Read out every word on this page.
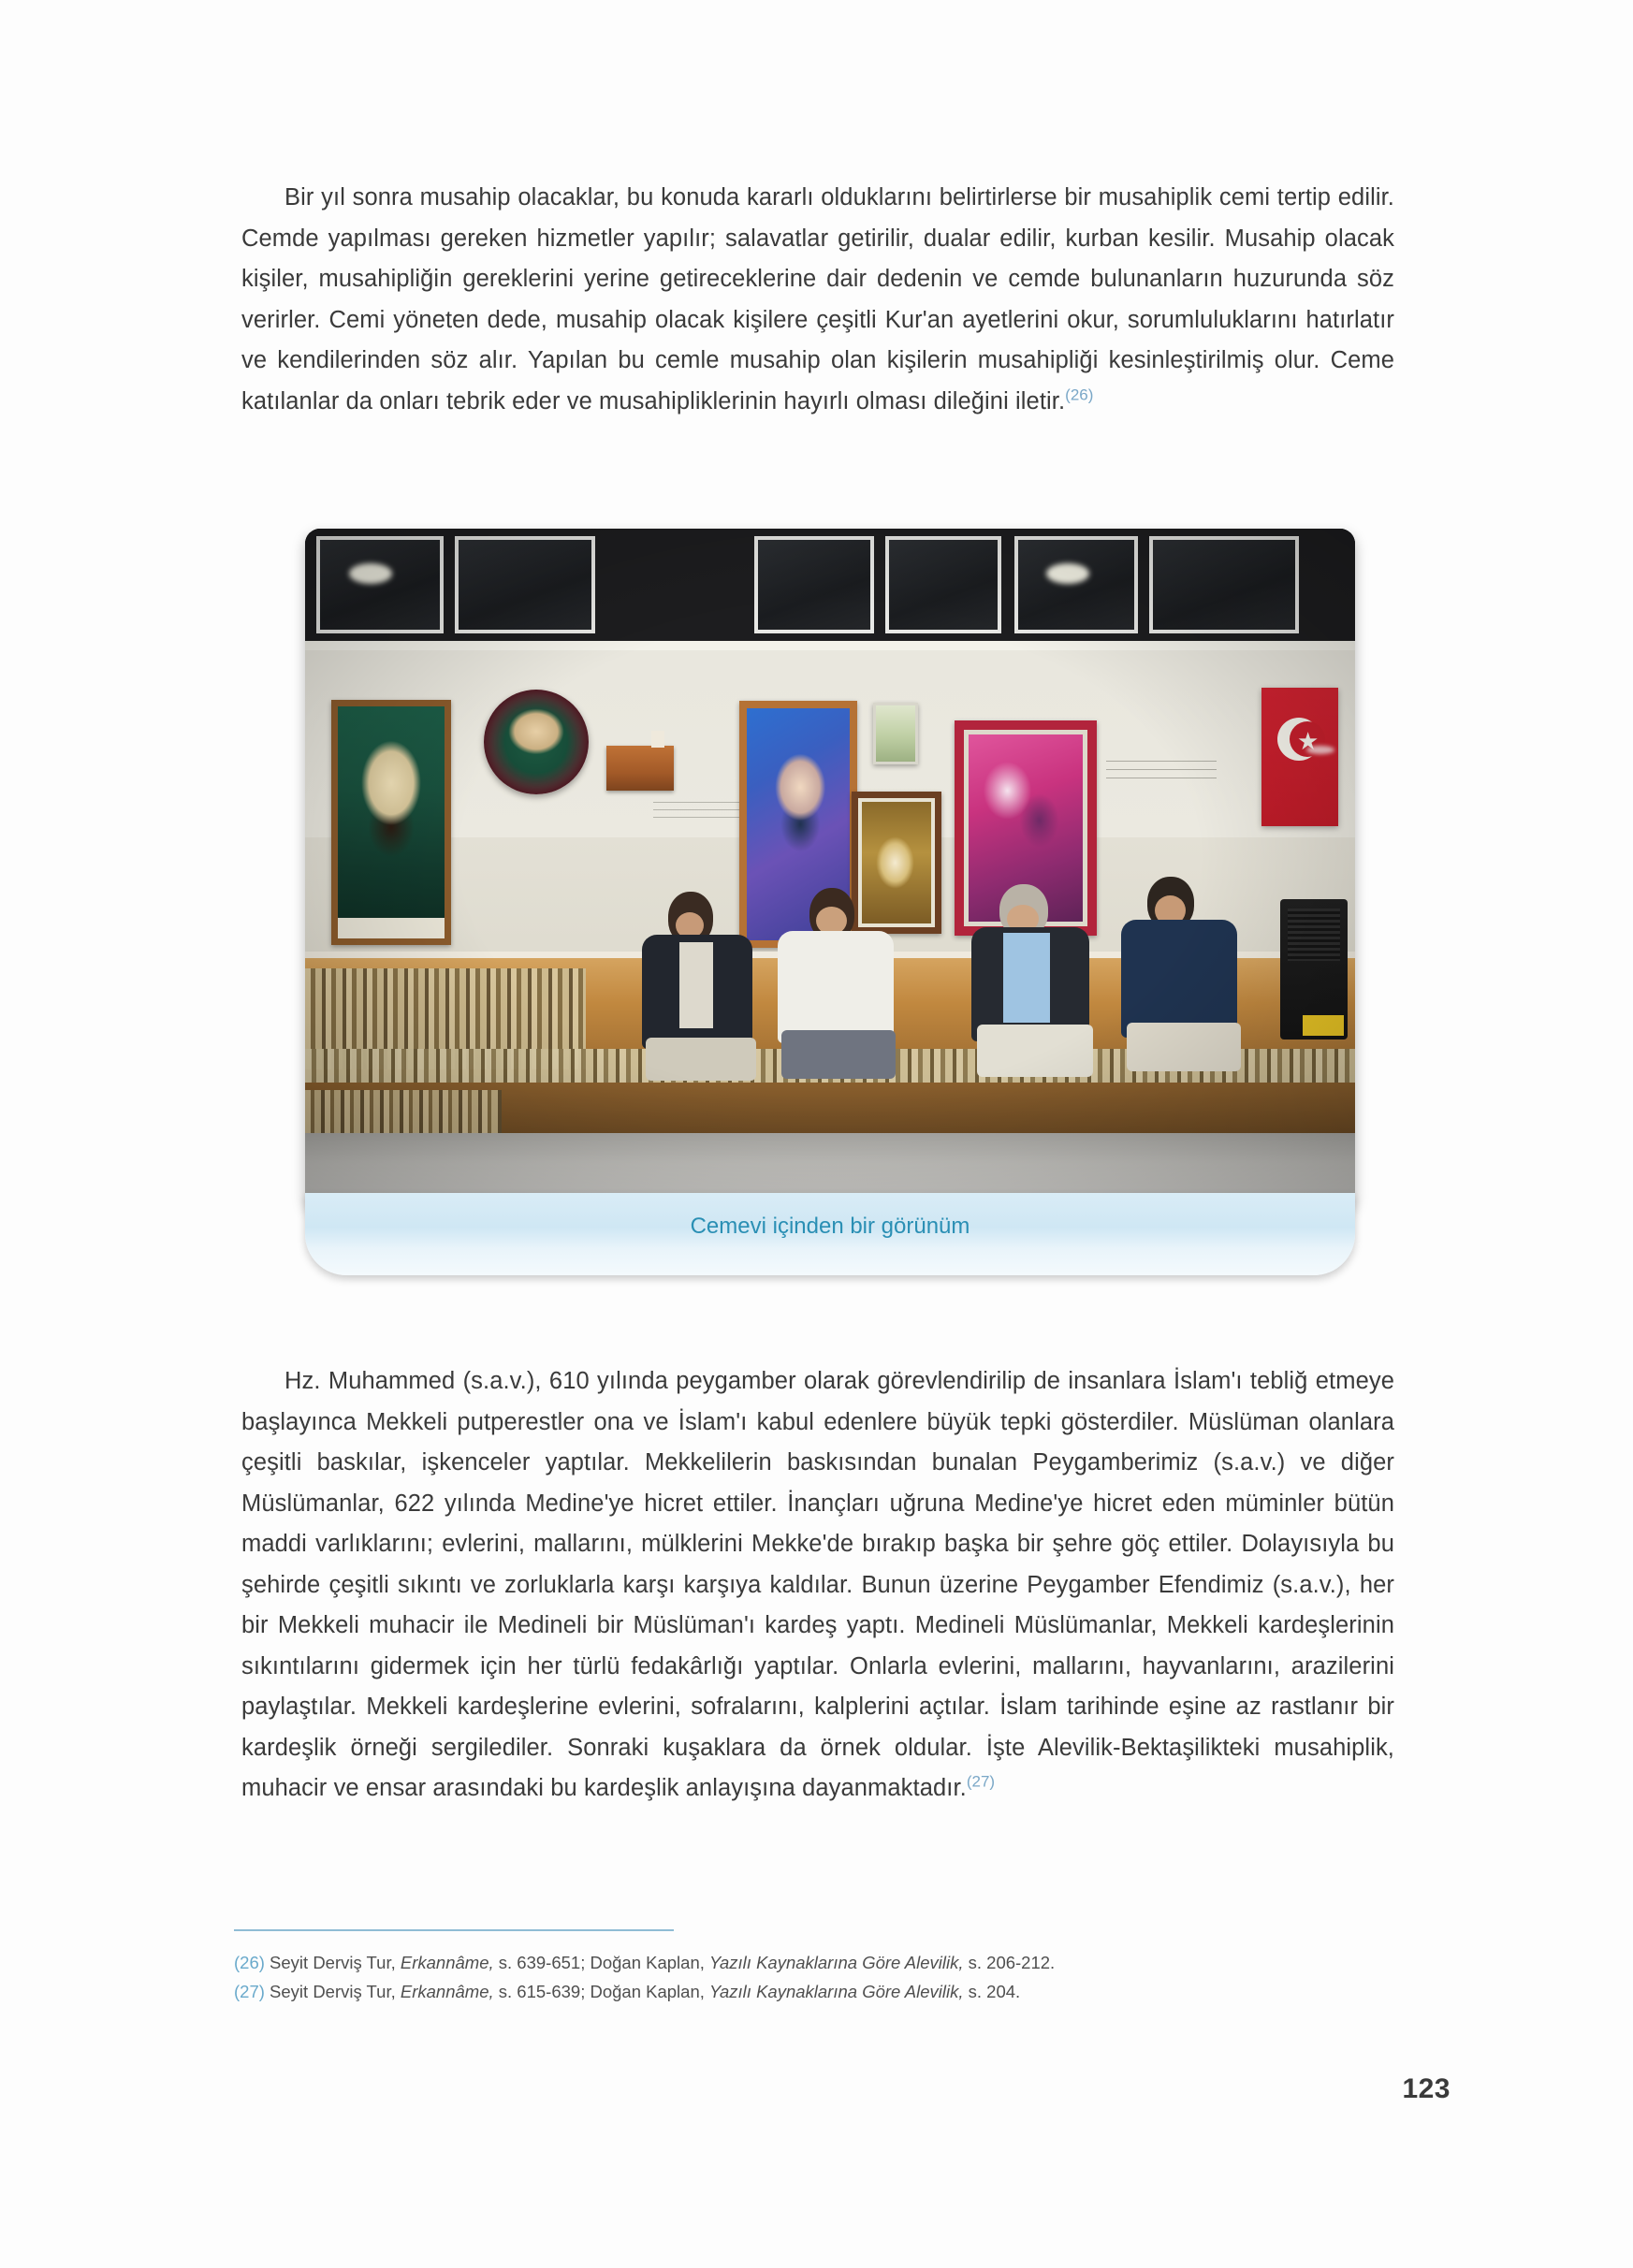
Bir yıl sonra musahip olacaklar, bu konuda kararlı olduklarını belirtirlerse bir musahiplik cemi tertip edilir. Cemde yapılması gereken hizmetler yapılır; salavatlar getirilir, dualar edilir, kurban kesilir. Musahip olacak kişiler, musahipliğin gereklerini yerine getireceklerine dair dedenin ve cemde bulunanların huzurunda söz verirler. Cemi yöneten dede, musahip olacak kişilere çeşitli Kur'an ayetlerini okur, sorumluluklarını hatırlatır ve kendilerinden söz alır. Yapılan bu cemle musahip olan kişilerin musahipliği kesinleştirilmiş olur. Ceme katılanlar da onları tebrik eder ve musahipliklerinin hayırlı olması dileğini iletir.$^{(26)}$

Cemevi içinden bir görünüm

Hz. Muhammed (s.a.v.), 610 yılında peygamber olarak görevlendirilip de insanlara İslam'ı tebliğ etmeye başlayınca Mekkeli putperestler ona ve İslam'ı kabul edenlere büyük tepki gösterdiler. Müslüman olanlara çeşitli baskılar, işkenceler yaptılar. Mekkelilerin baskısından bunalan Peygamberimiz (s.a.v.) ve diğer Müslümanlar, 622 yılında Medine'ye hicret ettiler. İnançları uğruna Medine'ye hicret eden müminler bütün maddi varlıklarını; evlerini, mallarını, mülklerini Mekke'de bırakıp başka bir şehre göç ettiler. Dolayısıyla bu şehirde çeşitli sıkıntı ve zorluklarla karşı karşıya kaldılar. Bunun üzerine Peygamber Efendimiz (s.a.v.), her bir Mekkeli muhacir ile Medineli bir Müslüman'ı kardeş yaptı. Medineli Müslümanlar, Mekkeli kardeşlerinin sıkıntılarını gidermek için her türlü fedakârlığı yaptılar. Onlarla evlerini, mallarını, hayvanlarını, arazilerini paylaştılar. Mekkeli kardeşlerine evlerini, sofralarını, kalplerini açtılar. İslam tarihinde eşine az rastlanır bir kardeşlik örneği sergilediler. Sonraki kuşaklara da örnek oldular. İşte Alevilik-Bektaşilikteki musahiplik, muhacir ve ensar arasındaki bu kardeşlik anlayışına dayanmaktadır.$^{(27)}$

(26) Seyit Derviş Tur, Erkannâme, s. 639-651; Doğan Kaplan, Yazılı Kaynaklarına Göre Alevilik, s. 206-212.
(27) Seyit Derviş Tur, Erkannâme, s. 615-639; Doğan Kaplan, Yazılı Kaynaklarına Göre Alevilik, s. 204.
123
